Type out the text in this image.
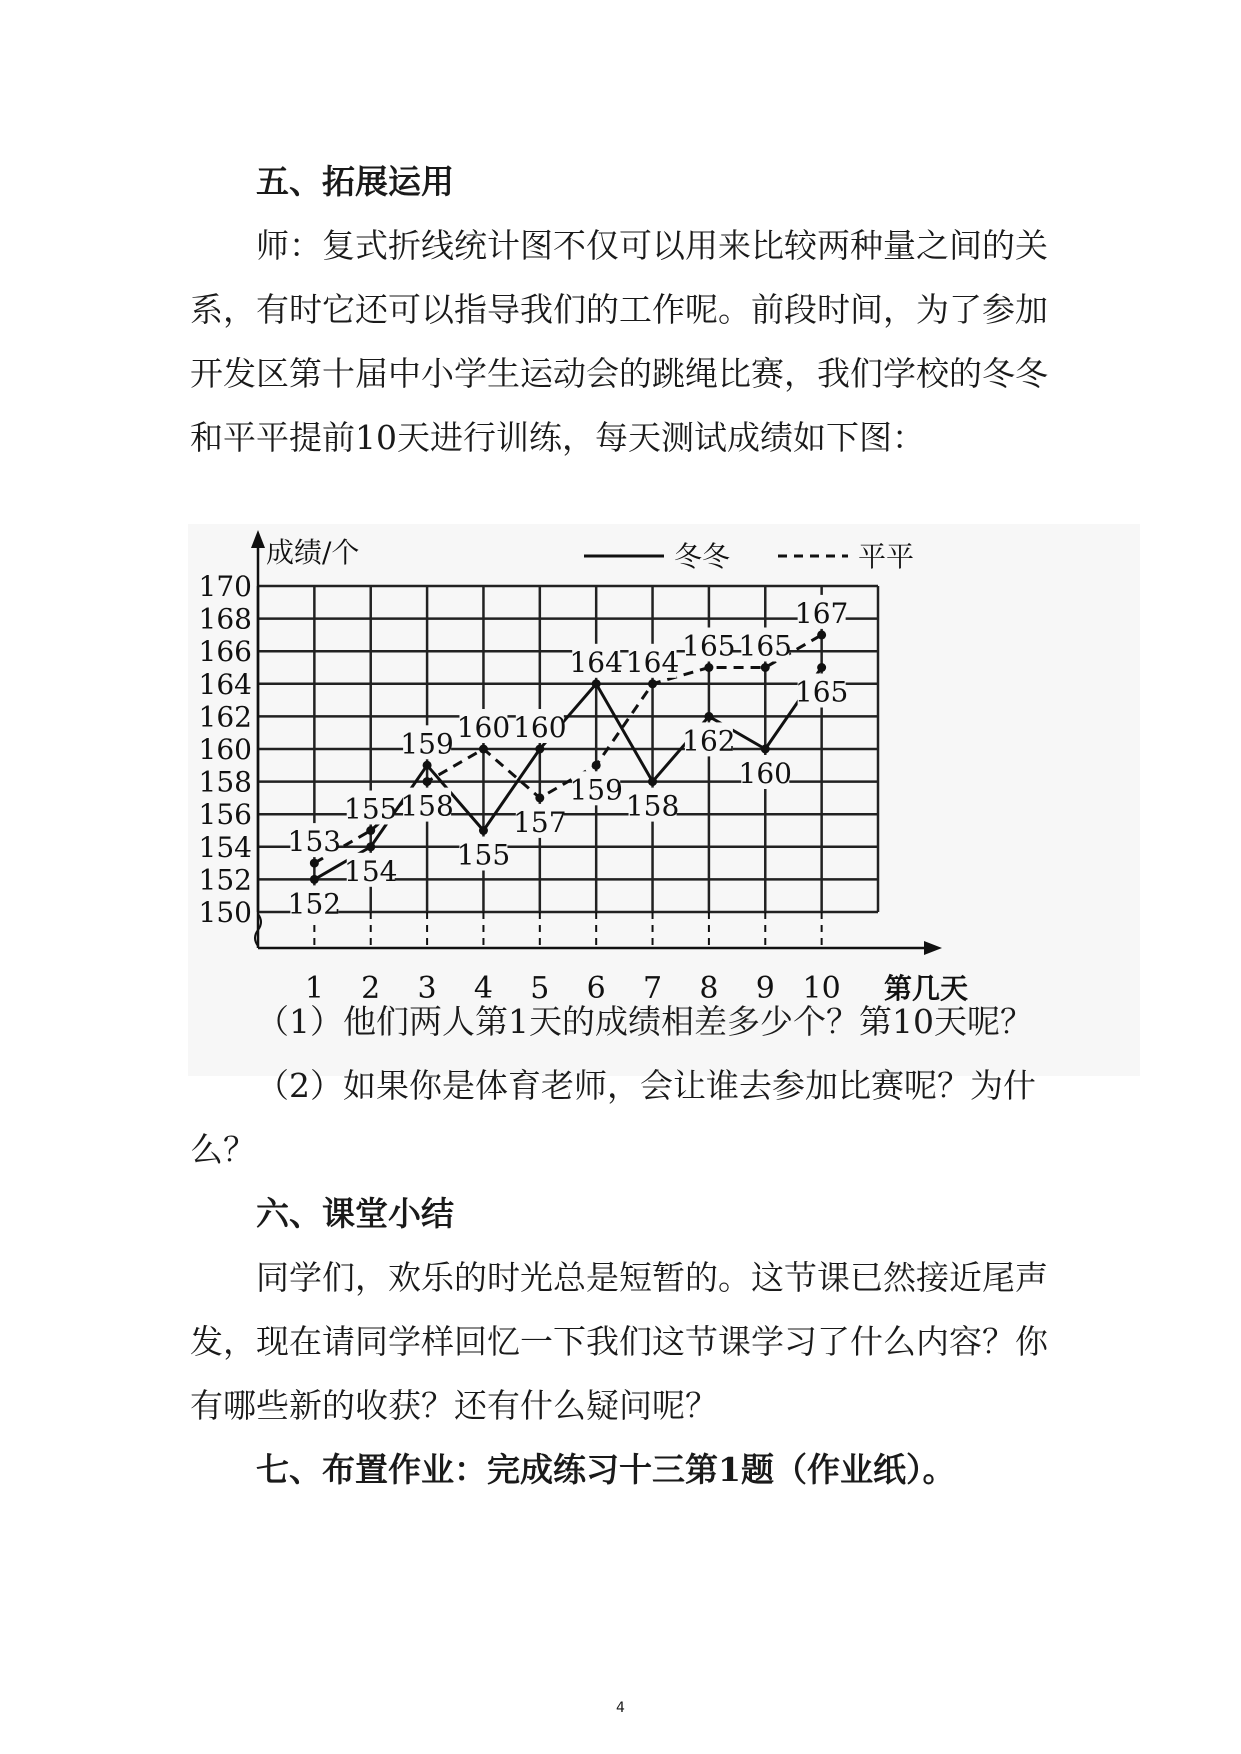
五、拓展运用

师：复式折线统计图不仅可以用来比较两种量之间的关系，有时它还可以指导我们的工作呢。前段时间，为了参加开发区第十届中小学生运动会的跳绳比赛，我们学校的冬冬和平平提前10天进行训练，每天测试成绩如下图：

150
152
154
156
158
160
162
164
166
168
170
1 2 3 4 5 6 7 8 9 10
152
153
154
155
159
158
155
160 160
157
164
159 158
164
162
165
160
165
165
167
成绩/个
第几天
冬冬	平平

（1）他们两人第1天的成绩相差多少个？第10天呢？

（2）如果你是体育老师，会让谁去参加比赛呢？为什么？

六、课堂小结

同学们，欢乐的时光总是短暂的。这节课已然接近尾声发，现在请同学样回忆一下我们这节课学习了什么内容？你有哪些新的收获？还有什么疑问呢？

七、布置作业：完成练习十三第1题（作业纸）。
4
